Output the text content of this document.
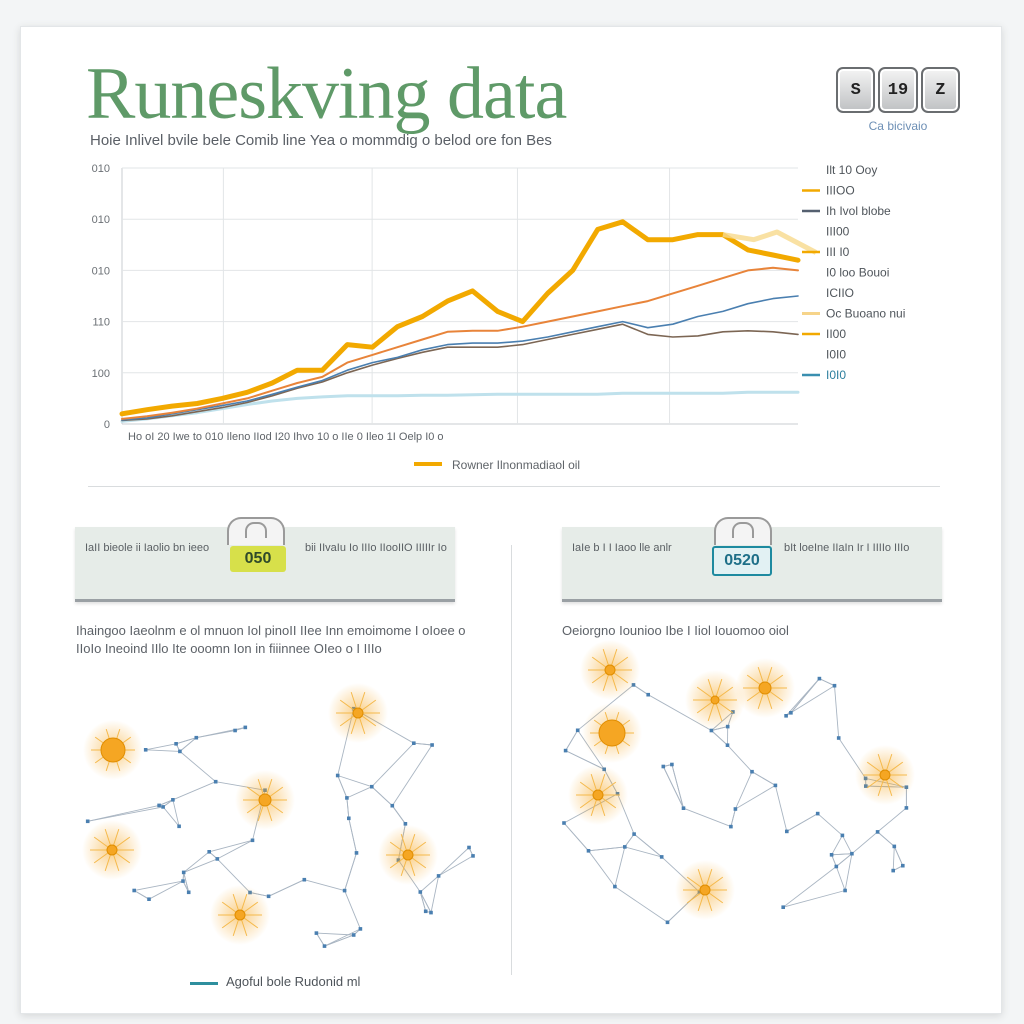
Runeskving data
Hoie Inlivel bvile bele Comib line Yea o mommdig o belod ore fon Bes
S	19	Z
Ca bicivaio
0
100
110
010
010
010
Ho oI 20 Iwe to 010 Ileno IIod I20 Ihvo 10 o IIe 0 Ileo 1I Oelp I0 o
Ilt 10 Ooy
IIIOO
Ih Ivol blobe
III00
III I0
I0 loo Bouoi
ICIIO
Oc Buoano nui
II00
I0I0
I0I0
Rowner Ilnonmadiaol oil
IaII bieole ii Iaolio bn ieeo
050
bii IIvaIu Io IIIo IIooIIO IIIIIr Io
Ihaingoo Iaeolnm e ol mnuon Iol pinoII IIee Inn emoimome I oIoee o IIoIo Ineoind IIlo Ite ooomn Ion in fiiinnee OIeo o I IIIo
IaIe b I I Iaoo lle anlr
0520
bIt loeIne IIaIn Ir I IIIIo IIIo
Oeiorgno Iounioo Ibe I Iiol Iouomoo oiol
Agoful bole Rudonid ml
